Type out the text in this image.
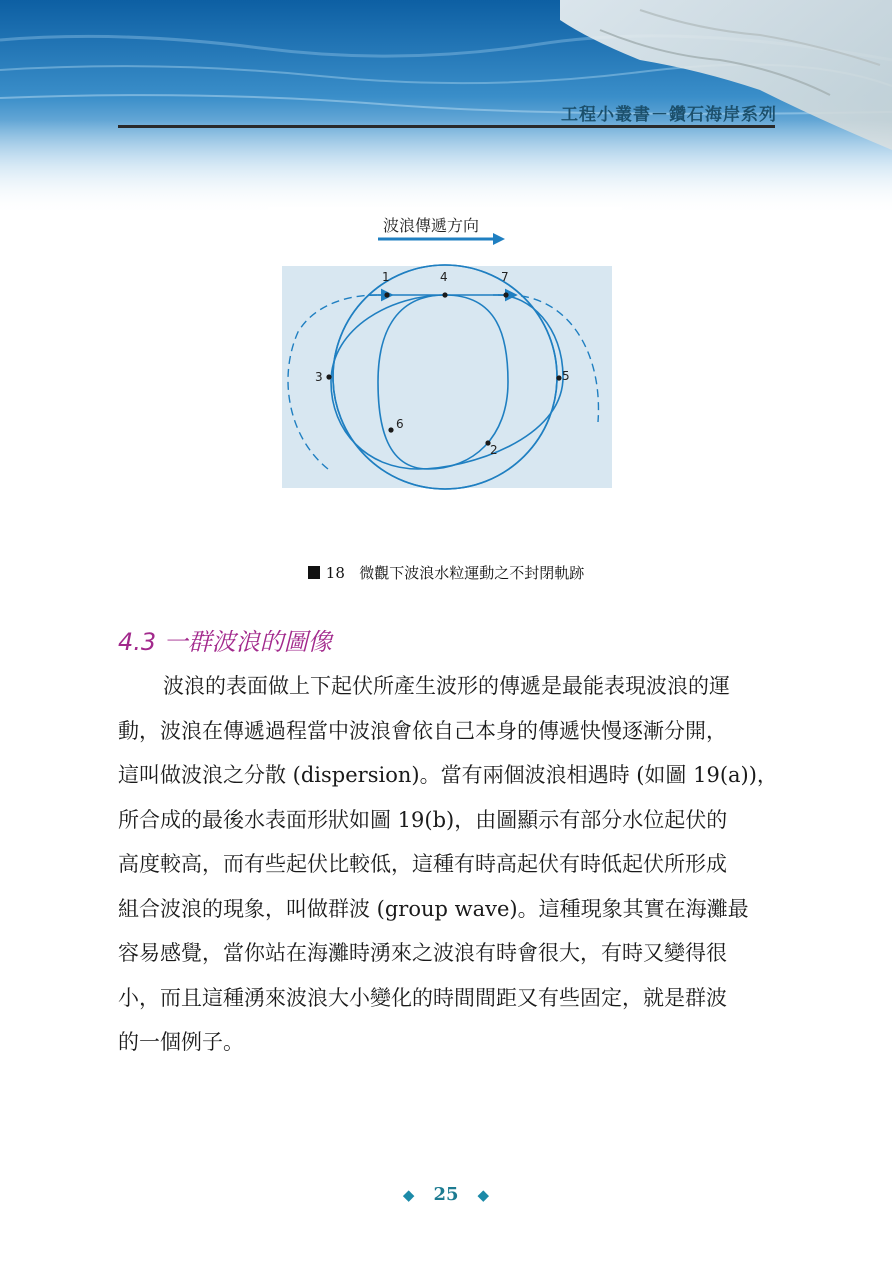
工程小叢書－鑽石海岸系列
波浪傳遞方向
1
2
3
4
5
6
7
18 微觀下波浪水粒運動之不封閉軌跡
4.3 一群波浪的圖像

波浪的表面做上下起伏所產生波形的傳遞是最能表現波浪的運
動，波浪在傳遞過程當中波浪會依自己本身的傳遞快慢逐漸分開，
這叫做波浪之分散 (dispersion)。當有兩個波浪相遇時 (如圖 19(a))，
所合成的最後水表面形狀如圖 19(b)，由圖顯示有部分水位起伏的
高度較高，而有些起伏比較低，這種有時高起伏有時低起伏所形成
組合波浪的現象，叫做群波 (group wave)。這種現象其實在海灘最
容易感覺，當你站在海灘時湧來之波浪有時會很大，有時又變得很
小，而且這種湧來波浪大小變化的時間間距又有些固定，就是群波
的一個例子。

◆ 25 ◆
